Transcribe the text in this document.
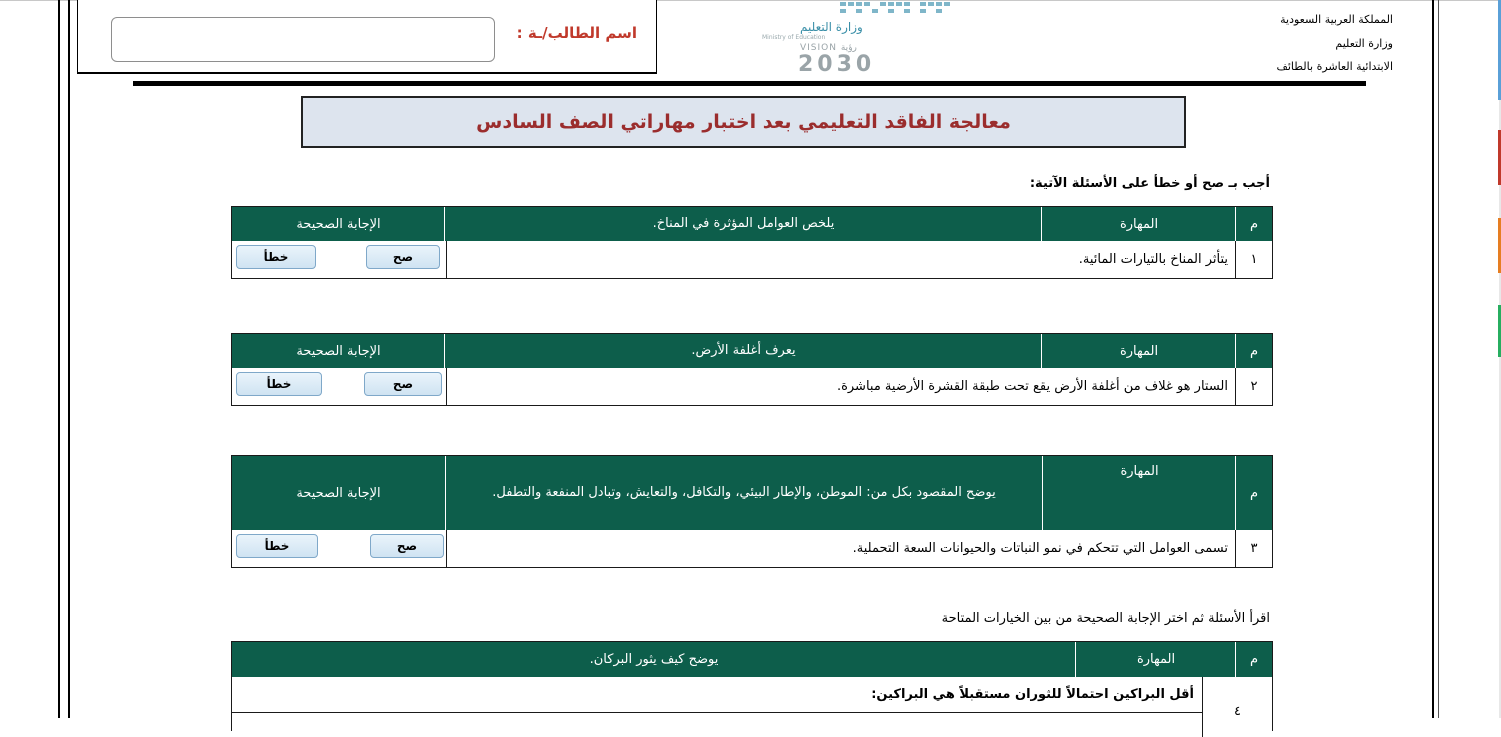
اسم الطالب/ـة :	وزارة التعليم
Ministry of Education
VISION رؤية
2030
المملكة العربية السعودية
وزارة التعليم
الابتدائية العاشرة بالطائف
معالجة الفاقد التعليمي بعد اختبار مهاراتي الصف السادس
أجب بـ صح أو خطأ على الأسئلة الآتية:
م
المهارة
يلخص العوامل المؤثرة في المناخ.
الإجابة الصحيحة
١
يتأثر المناخ بالتيارات المائية.
صح
خطأ
م
المهارة
يعرف أغلفة الأرض.
الإجابة الصحيحة
٢
الستار هو غلاف من أغلفة الأرض يقع تحت طبقة القشرة الأرضية مباشرة.
صح
خطأ
م
المهارة
يوضح المقصود بكل من: الموطن، والإطار البيئي، والتكافل، والتعايش، وتبادل المنفعة والتطفل.
الإجابة الصحيحة
٣
تسمى العوامل التي تتحكم في نمو النباتات والحيوانات السعة التحملية.
صح
خطأ
اقرأ الأسئلة ثم اختر الإجابة الصحيحة من بين الخيارات المتاحة
م
المهارة
يوضح كيف يثور البركان.
٤
أقل البراكين احتمالاً للثوران مستقبلاً هي البراكين:
